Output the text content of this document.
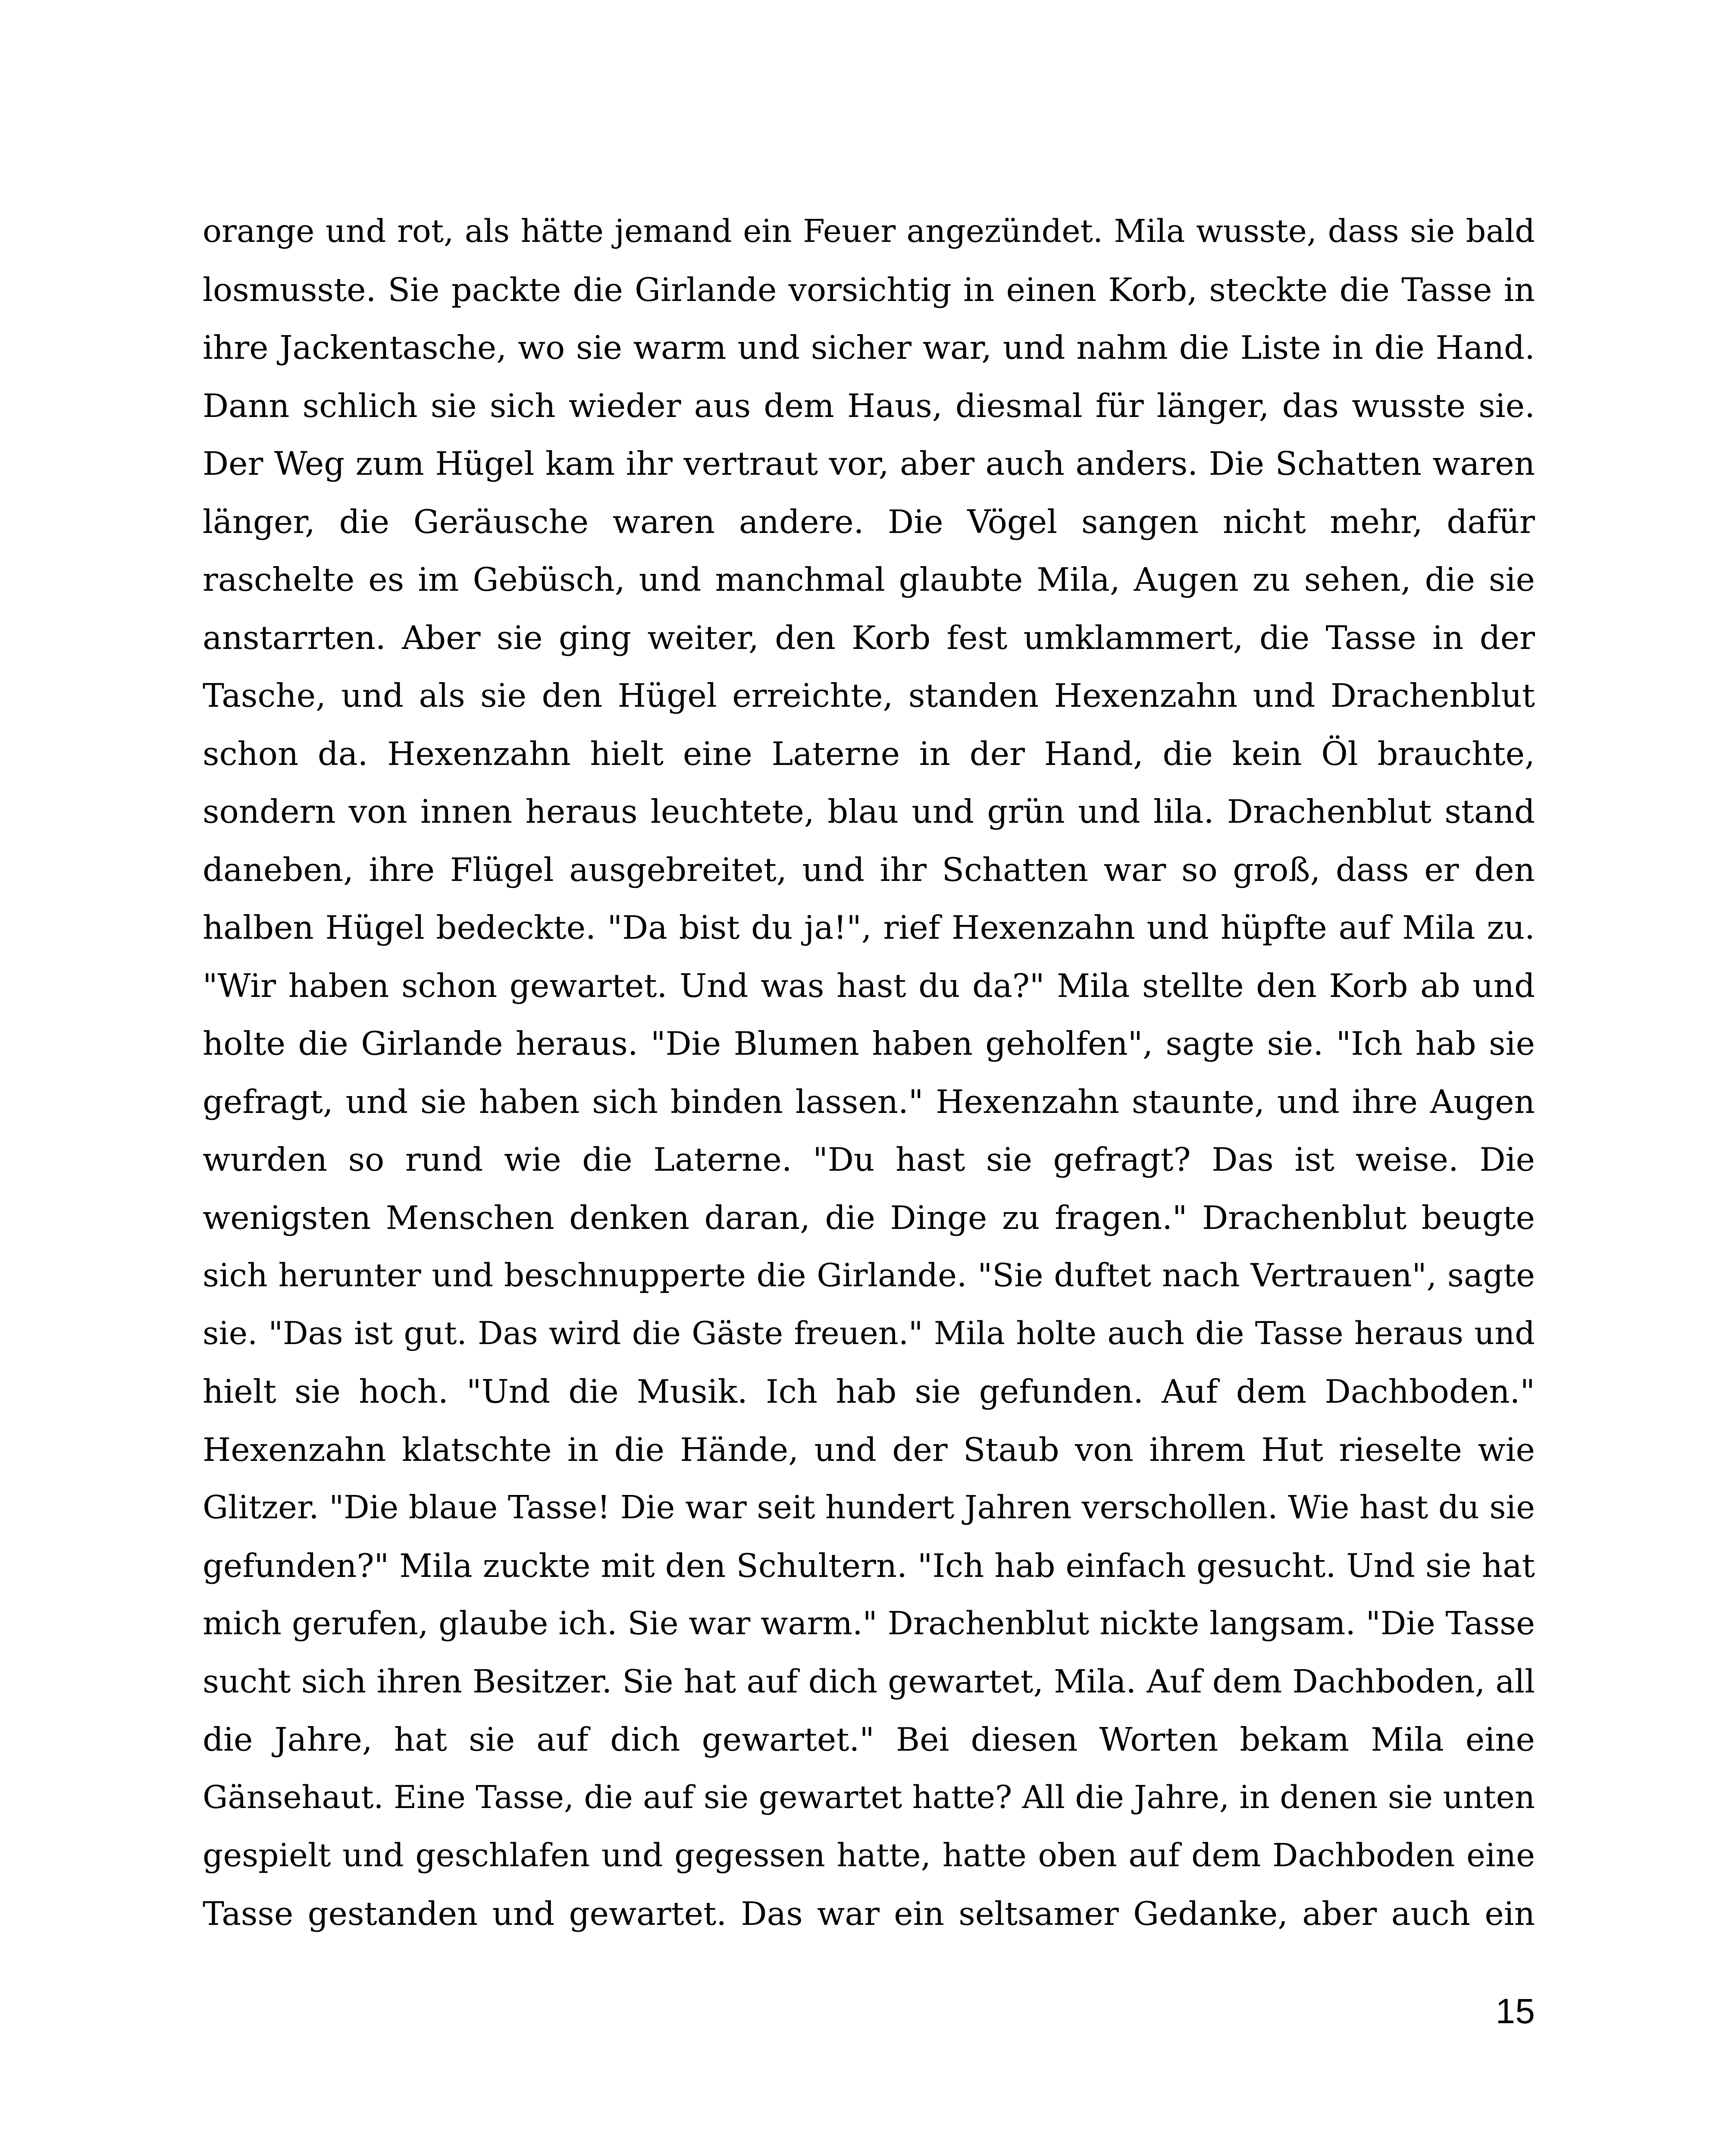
orange und rot, als hätte jemand ein Feuer angezündet. Mila wusste, dass sie bald
losmusste. Sie packte die Girlande vorsichtig in einen Korb, steckte die Tasse in
ihre Jackentasche, wo sie warm und sicher war, und nahm die Liste in die Hand.
Dann schlich sie sich wieder aus dem Haus, diesmal für länger, das wusste sie.
Der Weg zum Hügel kam ihr vertraut vor, aber auch anders. Die Schatten waren
länger, die Geräusche waren andere. Die Vögel sangen nicht mehr, dafür
raschelte es im Gebüsch, und manchmal glaubte Mila, Augen zu sehen, die sie
anstarrten. Aber sie ging weiter, den Korb fest umklammert, die Tasse in der
Tasche, und als sie den Hügel erreichte, standen Hexenzahn und Drachenblut
schon da. Hexenzahn hielt eine Laterne in der Hand, die kein Öl brauchte,
sondern von innen heraus leuchtete, blau und grün und lila. Drachenblut stand
daneben, ihre Flügel ausgebreitet, und ihr Schatten war so groß, dass er den
halben Hügel bedeckte. "Da bist du ja!", rief Hexenzahn und hüpfte auf Mila zu.
"Wir haben schon gewartet. Und was hast du da?" Mila stellte den Korb ab und
holte die Girlande heraus. "Die Blumen haben geholfen", sagte sie. "Ich hab sie
gefragt, und sie haben sich binden lassen." Hexenzahn staunte, und ihre Augen
wurden so rund wie die Laterne. "Du hast sie gefragt? Das ist weise. Die
wenigsten Menschen denken daran, die Dinge zu fragen." Drachenblut beugte
sich herunter und beschnupperte die Girlande. "Sie duftet nach Vertrauen", sagte
sie. "Das ist gut. Das wird die Gäste freuen." Mila holte auch die Tasse heraus und
hielt sie hoch. "Und die Musik. Ich hab sie gefunden. Auf dem Dachboden."
Hexenzahn klatschte in die Hände, und der Staub von ihrem Hut rieselte wie
Glitzer. "Die blaue Tasse! Die war seit hundert Jahren verschollen. Wie hast du sie
gefunden?" Mila zuckte mit den Schultern. "Ich hab einfach gesucht. Und sie hat
mich gerufen, glaube ich. Sie war warm." Drachenblut nickte langsam. "Die Tasse
sucht sich ihren Besitzer. Sie hat auf dich gewartet, Mila. Auf dem Dachboden, all
die Jahre, hat sie auf dich gewartet." Bei diesen Worten bekam Mila eine
Gänsehaut. Eine Tasse, die auf sie gewartet hatte? All die Jahre, in denen sie unten
gespielt und geschlafen und gegessen hatte, hatte oben auf dem Dachboden eine
Tasse gestanden und gewartet. Das war ein seltsamer Gedanke, aber auch ein
15
